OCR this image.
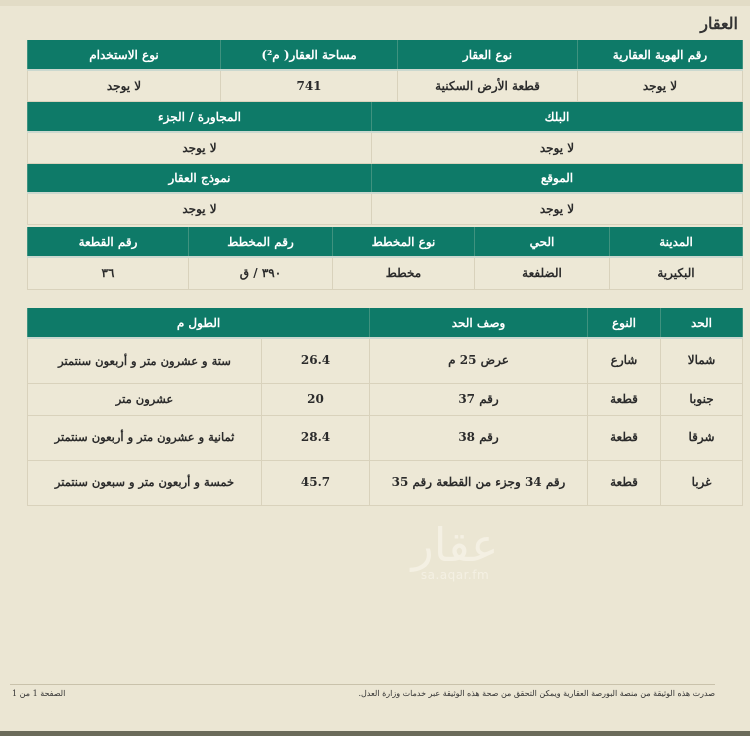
العقار
رقم الهوية العقارية	نوع العقار	مساحة العقار( م²)	نوع الاستخدام
لا يوجد	قطعة الأرض السكنية	741	لا يوجد
البلك	المجاورة / الجزء
لا يوجد	لا يوجد
الموقع	نموذج العقار
لا يوجد	لا يوجد
المدينة	الحي	نوع المخطط	رقم المخطط	رقم القطعة
البكيرية	الضلفعة	مخطط	٣٩٠ / ق	٣٦
الحد	النوع	وصف الحد	الطول م	
شمالا	شارع	عرض 25 م	26.4	ستة و عشرون متر و أربعون سنتمتر
جنوبا	قطعة	رقم 37	20	عشرون متر
شرقا	قطعة	رقم 38	28.4	ثمانية و عشرون متر و أربعون سنتمتر
غربا	قطعة	رقم 34 وجزء من القطعة رقم 35	45.7	خمسة و أربعون متر و سبعون سنتمتر
عقار
sa.aqar.fm
صدرت هذه الوثيقة من منصة البورصة العقارية ويمكن التحقق من صحة هذه الوثيقة عبر خدمات وزارة العدل.
الصفحة 1 من 1
